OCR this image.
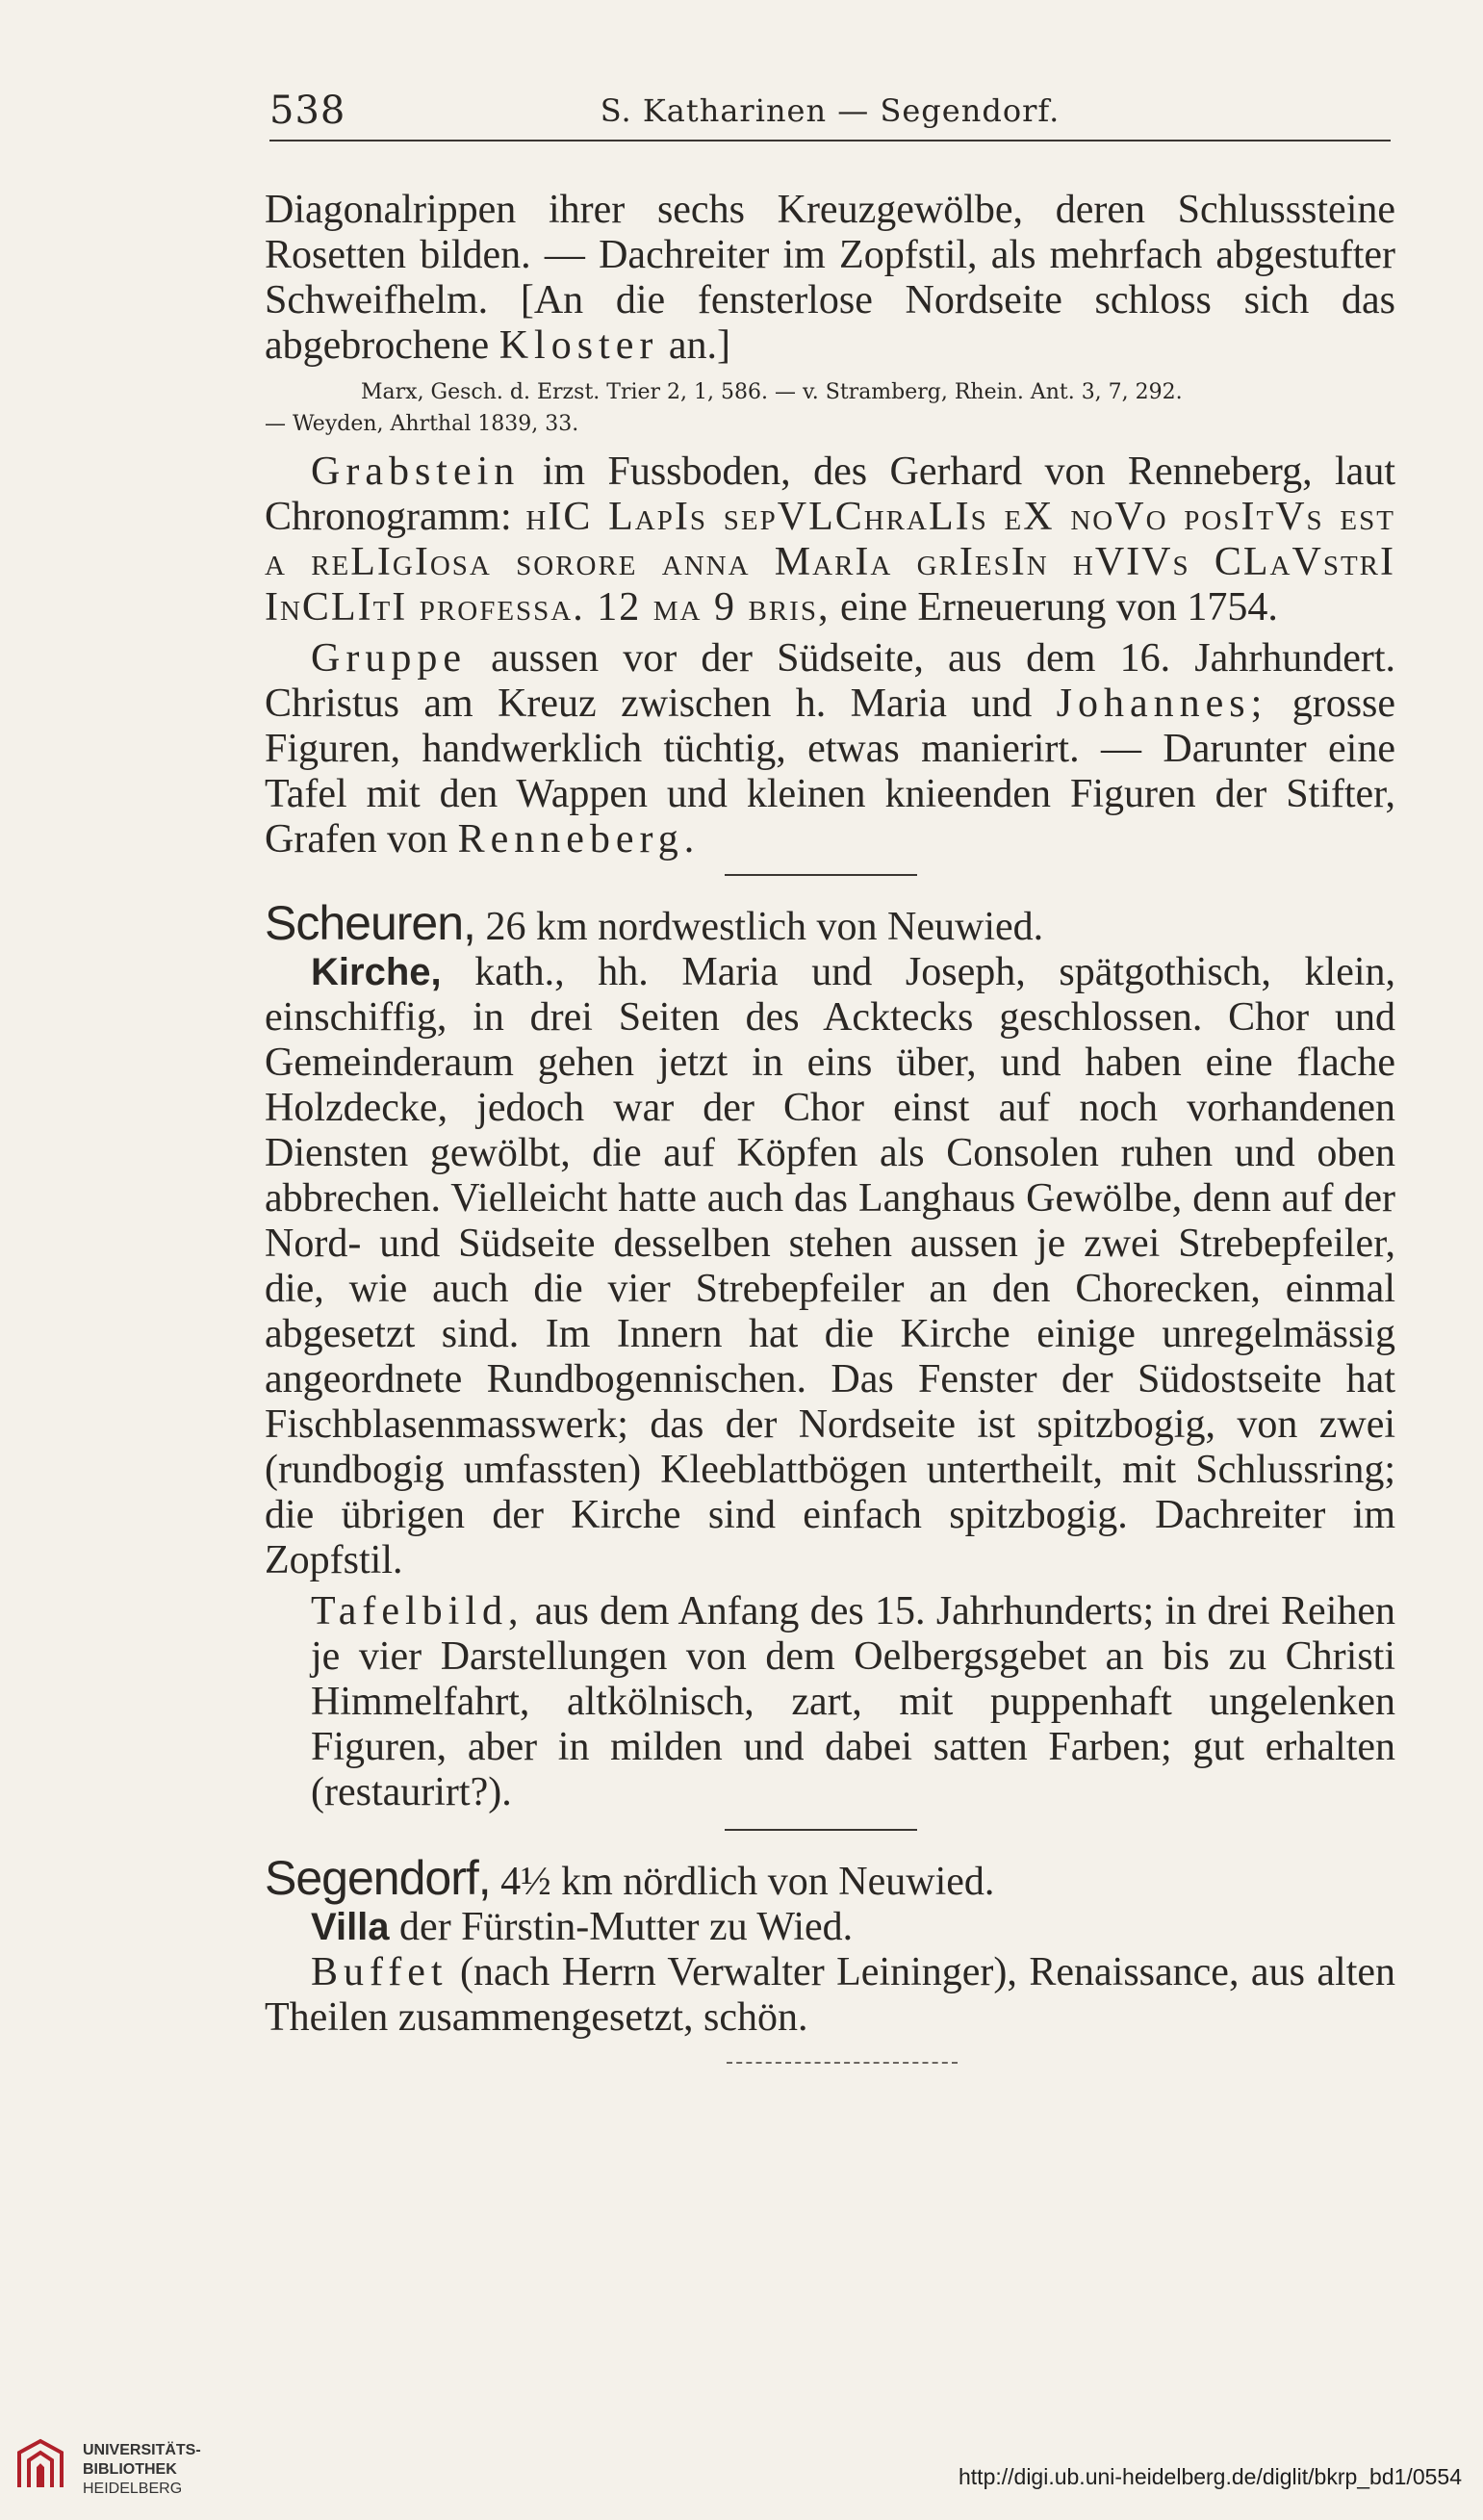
538	S. Katharinen — Segendorf.

Diagonalrippen ihrer sechs Kreuzgewölbe, deren Schlusssteine Rosetten bilden. — Dachreiter im Zopfstil, als mehrfach abgestufter Schweifhelm. [An die fensterlose Nordseite schloss sich das abgebrochene Kloster an.]

Marx, Gesch. d. Erzst. Trier 2, 1, 586. — v. Stramberg, Rhein. Ant. 3, 7, 292.
— Weyden, Ahrthal 1839, 33.

Grabstein im Fussboden, des Gerhard von Renneberg, laut Chronogramm: hIC LapIs sepVLChraLIs eX noVo posItVs est a reLIgIosa sorore anna MarIa grIesIn hVIVs CLaVstrI InCLItI professa. 12 ma 9 bris, eine Erneuerung von 1754.

Gruppe aussen vor der Südseite, aus dem 16. Jahrhundert. Christus am Kreuz zwischen h. Maria und Johannes; grosse Figuren, handwerklich tüchtig, etwas manierirt. — Darunter eine Tafel mit den Wappen und kleinen knieenden Figuren der Stifter, Grafen von Renneberg.

Scheuren, 26 km nordwestlich von Neuwied.

Kirche, kath., hh. Maria und Joseph, spätgothisch, klein, einschiffig, in drei Seiten des Acktecks geschlossen. Chor und Gemeinderaum gehen jetzt in eins über, und haben eine flache Holzdecke, jedoch war der Chor einst auf noch vorhandenen Diensten gewölbt, die auf Köpfen als Consolen ruhen und oben abbrechen. Vielleicht hatte auch das Langhaus Gewölbe, denn auf der Nord- und Südseite desselben stehen aussen je zwei Strebepfeiler, die, wie auch die vier Strebepfeiler an den Chorecken, einmal abgesetzt sind. Im Innern hat die Kirche einige unregelmässig angeordnete Rundbogennischen. Das Fenster der Südostseite hat Fischblasenmasswerk; das der Nordseite ist spitzbogig, von zwei (rundbogig umfassten) Kleeblattbögen untertheilt, mit Schlussring; die übrigen der Kirche sind einfach spitzbogig. Dachreiter im Zopfstil.

Tafelbild, aus dem Anfang des 15. Jahrhunderts; in drei Reihen je vier Darstellungen von dem Oelbergsgebet an bis zu Christi Himmelfahrt, altkölnisch, zart, mit puppenhaft ungelenken Figuren, aber in milden und dabei satten Farben; gut erhalten (restaurirt?).

Segendorf, 4½ km nördlich von Neuwied.

Villa der Fürstin-Mutter zu Wied.

Buffet (nach Herrn Verwalter Leininger), Renaissance, aus alten Theilen zusammengesetzt, schön.

UNIVERSITÄTS-
BIBLIOTHEK
HEIDELBERG	http://digi.ub.uni-heidelberg.de/diglit/bkrp_bd1/0554
